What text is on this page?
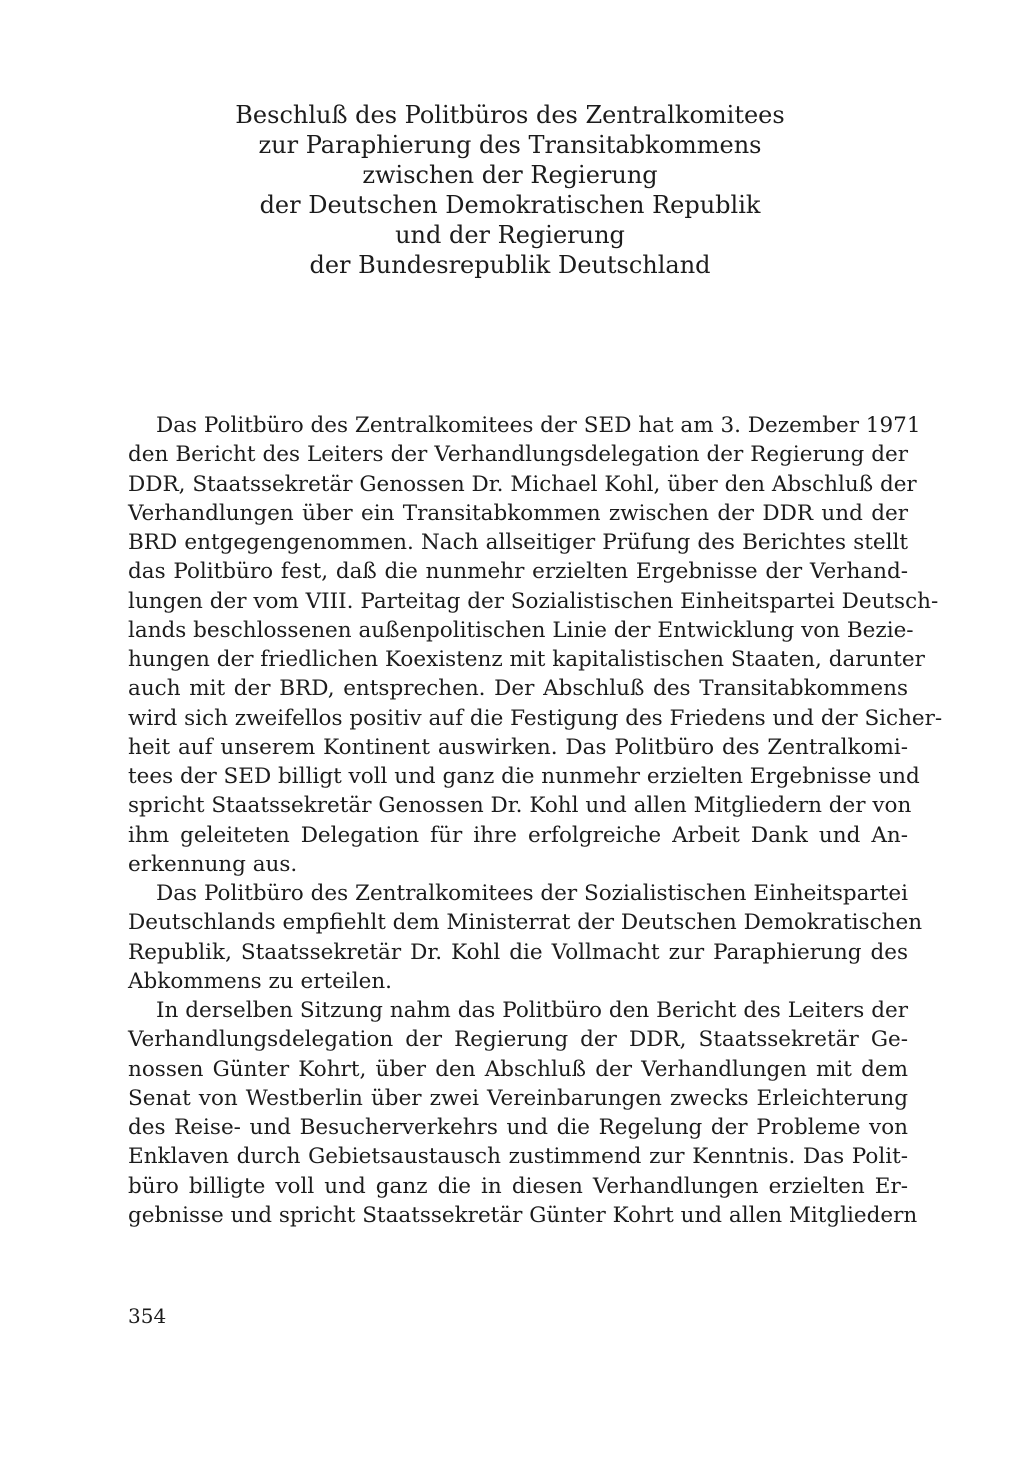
Beschluß des Politbüros des Zentralkomitees
zur Paraphierung des Transitabkommens
zwischen der Regierung
der Deutschen Demokratischen Republik
und der Regierung
der Bundesrepublik Deutschland
Das Politbüro des Zentralkomitees der SED hat am 3. Dezember 1971
den Bericht des Leiters der Verhandlungsdelegation der Regierung der
DDR, Staatssekretär Genossen Dr. Michael Kohl, über den Abschluß der
Verhandlungen über ein Transitabkommen zwischen der DDR und der
BRD entgegengenommen. Nach allseitiger Prüfung des Berichtes stellt
das Politbüro fest, daß die nunmehr erzielten Ergebnisse der Verhand-
lungen der vom VIII. Parteitag der Sozialistischen Einheitspartei Deutsch-
lands beschlossenen außenpolitischen Linie der Entwicklung von Bezie-
hungen der friedlichen Koexistenz mit kapitalistischen Staaten, darunter
auch mit der BRD, entsprechen. Der Abschluß des Transitabkommens
wird sich zweifellos positiv auf die Festigung des Friedens und der Sicher-
heit auf unserem Kontinent auswirken. Das Politbüro des Zentralkomi-
tees der SED billigt voll und ganz die nunmehr erzielten Ergebnisse und
spricht Staatssekretär Genossen Dr. Kohl und allen Mitgliedern der von
ihm geleiteten Delegation für ihre erfolgreiche Arbeit Dank und An-
erkennung aus.
Das Politbüro des Zentralkomitees der Sozialistischen Einheitspartei
Deutschlands empfiehlt dem Ministerrat der Deutschen Demokratischen
Republik, Staatssekretär Dr. Kohl die Vollmacht zur Paraphierung des
Abkommens zu erteilen.
In derselben Sitzung nahm das Politbüro den Bericht des Leiters der
Verhandlungsdelegation der Regierung der DDR, Staatssekretär Ge-
nossen Günter Kohrt, über den Abschluß der Verhandlungen mit dem
Senat von Westberlin über zwei Vereinbarungen zwecks Erleichterung
des Reise- und Besucherverkehrs und die Regelung der Probleme von
Enklaven durch Gebietsaustausch zustimmend zur Kenntnis. Das Polit-
büro billigte voll und ganz die in diesen Verhandlungen erzielten Er-
gebnisse und spricht Staatssekretär Günter Kohrt und allen Mitgliedern
354
